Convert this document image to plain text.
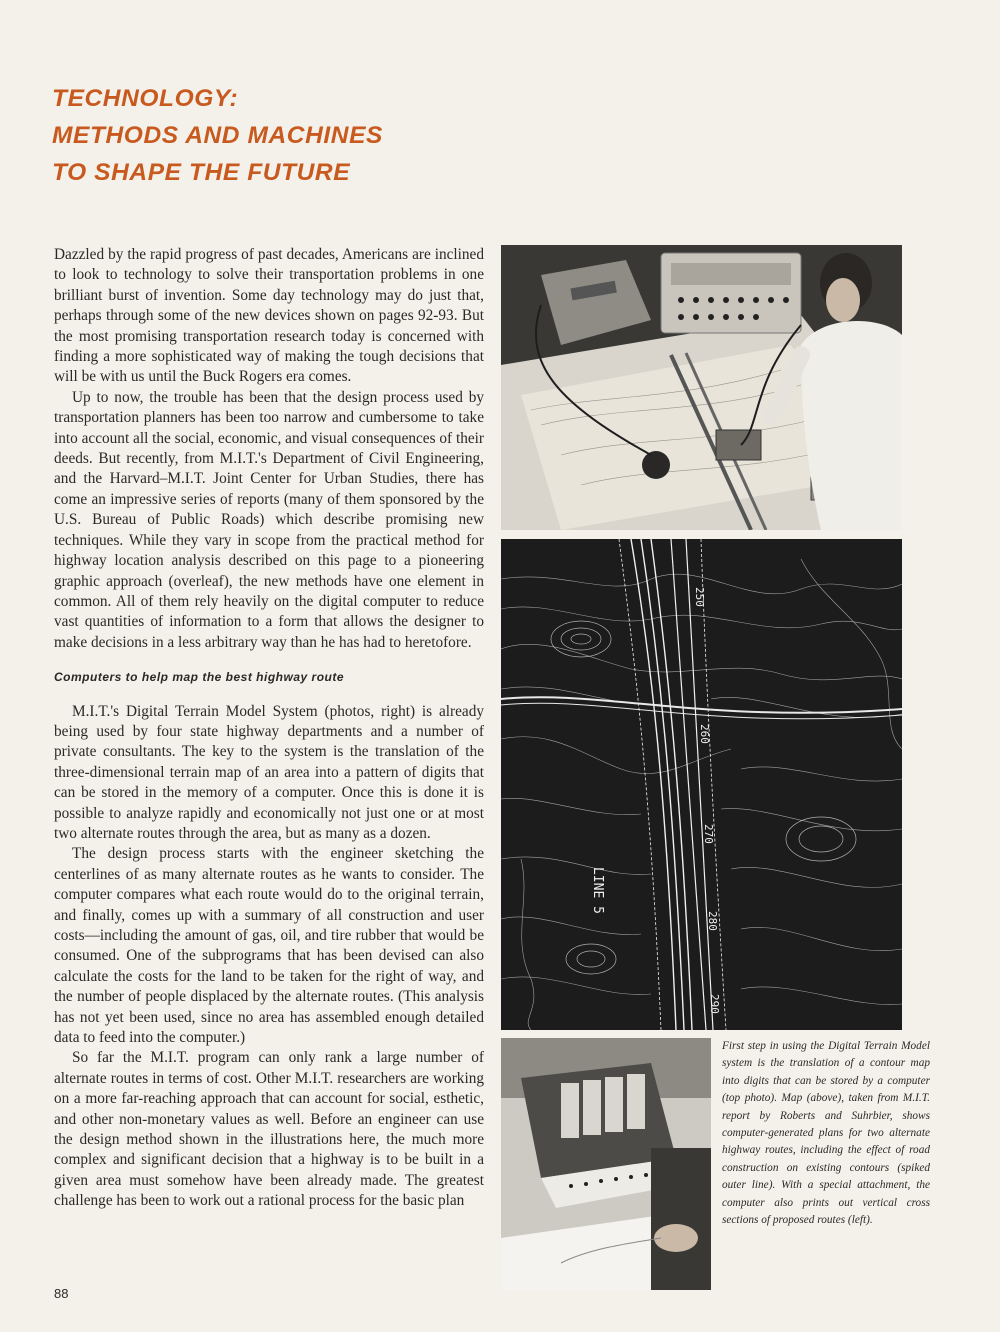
TECHNOLOGY:
METHODS AND MACHINES
TO SHAPE THE FUTURE

Dazzled by the rapid progress of past decades, Americans are inclined to look to technology to solve their transportation problems in one brilliant burst of invention. Some day technology may do just that, perhaps through some of the new devices shown on pages 92-93. But the most promising transportation research today is concerned with finding a more sophisticated way of making the tough decisions that will be with us until the Buck Rogers era comes.

Up to now, the trouble has been that the design process used by transportation planners has been too narrow and cumbersome to take into account all the social, economic, and visual consequences of their deeds. But recently, from M.I.T.'s Department of Civil Engineering, and the Harvard–M.I.T. Joint Center for Urban Studies, there has come an impressive series of reports (many of them sponsored by the U.S. Bureau of Public Roads) which describe promising new techniques. While they vary in scope from the practical method for highway location analysis described on this page to a pioneering graphic approach (overleaf), the new methods have one element in common. All of them rely heavily on the digital computer to reduce vast quantities of information to a form that allows the designer to make decisions in a less arbitrary way than he has had to heretofore.

Computers to help map the best highway route

M.I.T.'s Digital Terrain Model System (photos, right) is already being used by four state highway departments and a number of private consultants. The key to the system is the translation of the three-dimensional terrain map of an area into a pattern of digits that can be stored in the memory of a computer. Once this is done it is possible to analyze rapidly and economically not just one or at most two alternate routes through the area, but as many as a dozen.

The design process starts with the engineer sketching the centerlines of as many alternate routes as he wants to consider. The computer compares what each route would do to the original terrain, and finally, comes up with a summary of all construction and user costs—including the amount of gas, oil, and tire rubber that would be consumed. One of the subprograms that has been devised can also calculate the costs for the land to be taken for the right of way, and the number of people displaced by the alternate routes. (This analysis has not yet been used, since no area has assembled enough detailed data to feed into the computer.)

So far the M.I.T. program can only rank a large number of alternate routes in terms of cost. Other M.I.T. researchers are working on a more far-reaching approach that can account for social, esthetic, and other non-monetary values as well. Before an engineer can use the design method shown in the illustrations here, the much more complex and significant decision that a highway is to be built in a given area must somehow have been already made. The greatest challenge has been to work out a rational process for the basic plan

250
260
270
280
290
LINE 5

First step in using the Digital Terrain Model system is the translation of a contour map into digits that can be stored by a computer (top photo). Map (above), taken from M.I.T. report by Roberts and Suhrbier, shows computer-generated plans for two alternate highway routes, including the effect of road construction on existing contours (spiked outer line). With a special attachment, the computer also prints out vertical cross sections of proposed routes (left).

88
